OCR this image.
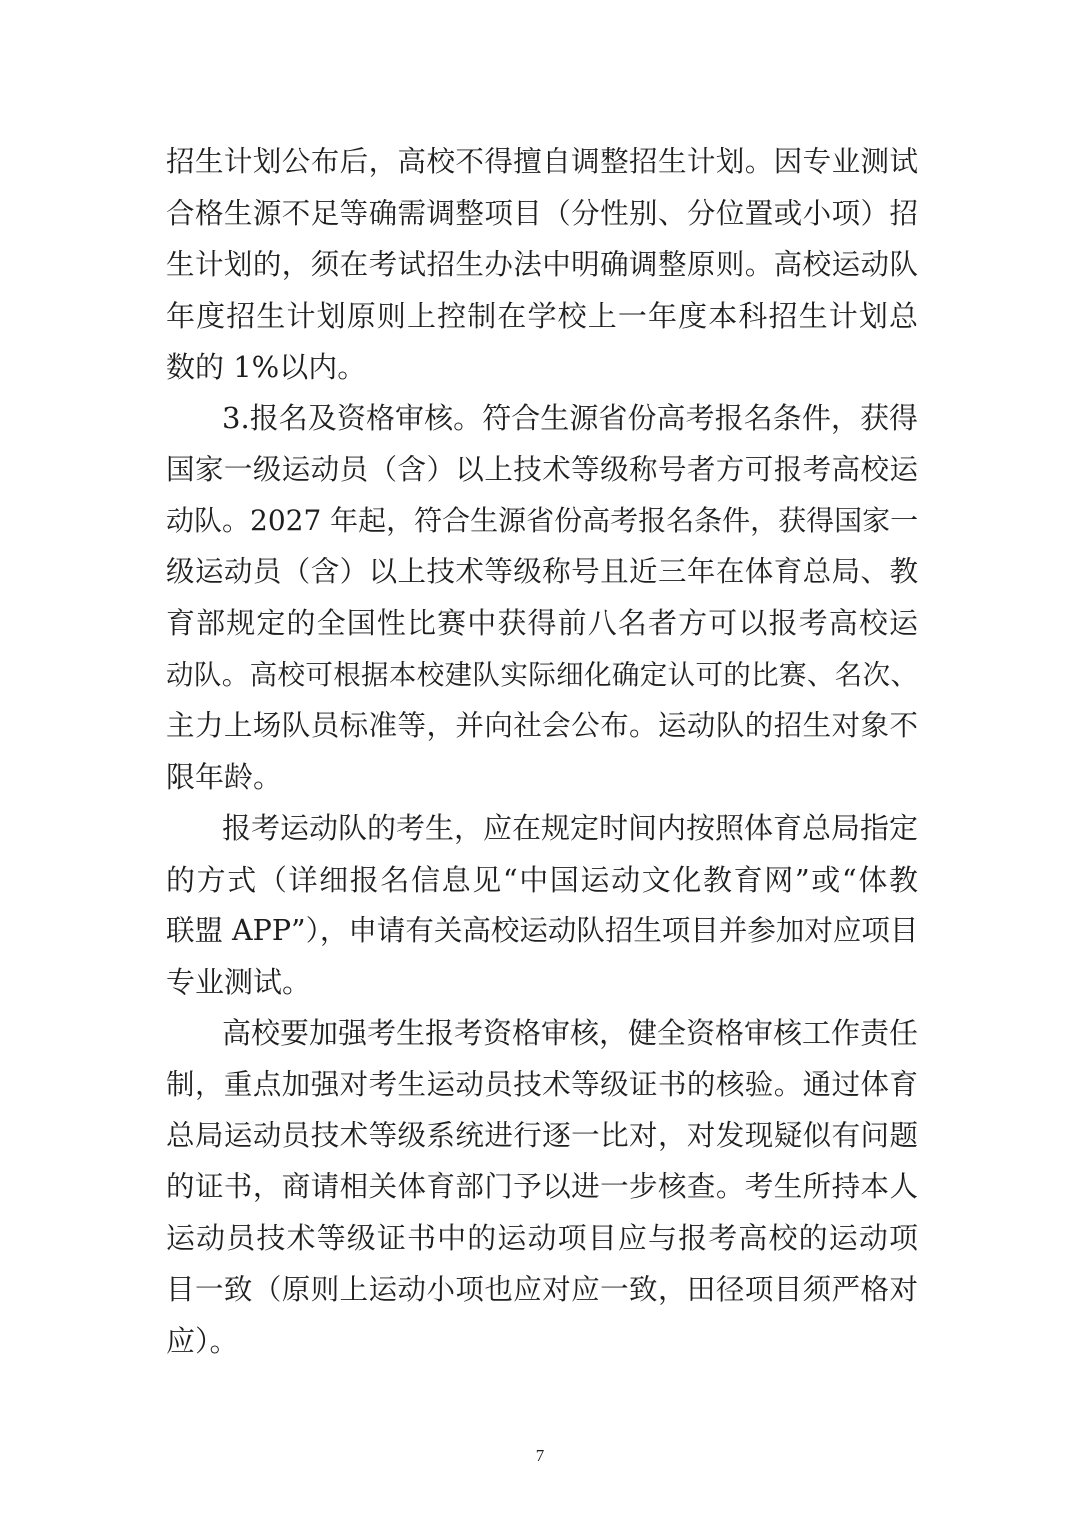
招生计划公布后，高校不得擅自调整招生计划。因专业测试
合格生源不足等确需调整项目（分性别、分位置或小项）招
生计划的，须在考试招生办法中明确调整原则。高校运动队
年度招生计划原则上控制在学校上一年度本科招生计划总
数的 1%以内。
3.报名及资格审核。符合生源省份高考报名条件，获得
国家一级运动员（含）以上技术等级称号者方可报考高校运
动队。2027 年起，符合生源省份高考报名条件，获得国家一
级运动员（含）以上技术等级称号且近三年在体育总局、教
育部规定的全国性比赛中获得前八名者方可以报考高校运
动队。高校可根据本校建队实际细化确定认可的比赛、名次、
主力上场队员标准等，并向社会公布。运动队的招生对象不
限年龄。
报考运动队的考生，应在规定时间内按照体育总局指定
的方式（详细报名信息见“中国运动文化教育网”或“体教
联盟 APP”），申请有关高校运动队招生项目并参加对应项目
专业测试。
高校要加强考生报考资格审核，健全资格审核工作责任
制，重点加强对考生运动员技术等级证书的核验。通过体育
总局运动员技术等级系统进行逐一比对，对发现疑似有问题
的证书，商请相关体育部门予以进一步核查。考生所持本人
运动员技术等级证书中的运动项目应与报考高校的运动项
目一致（原则上运动小项也应对应一致，田径项目须严格对
应）。
7
